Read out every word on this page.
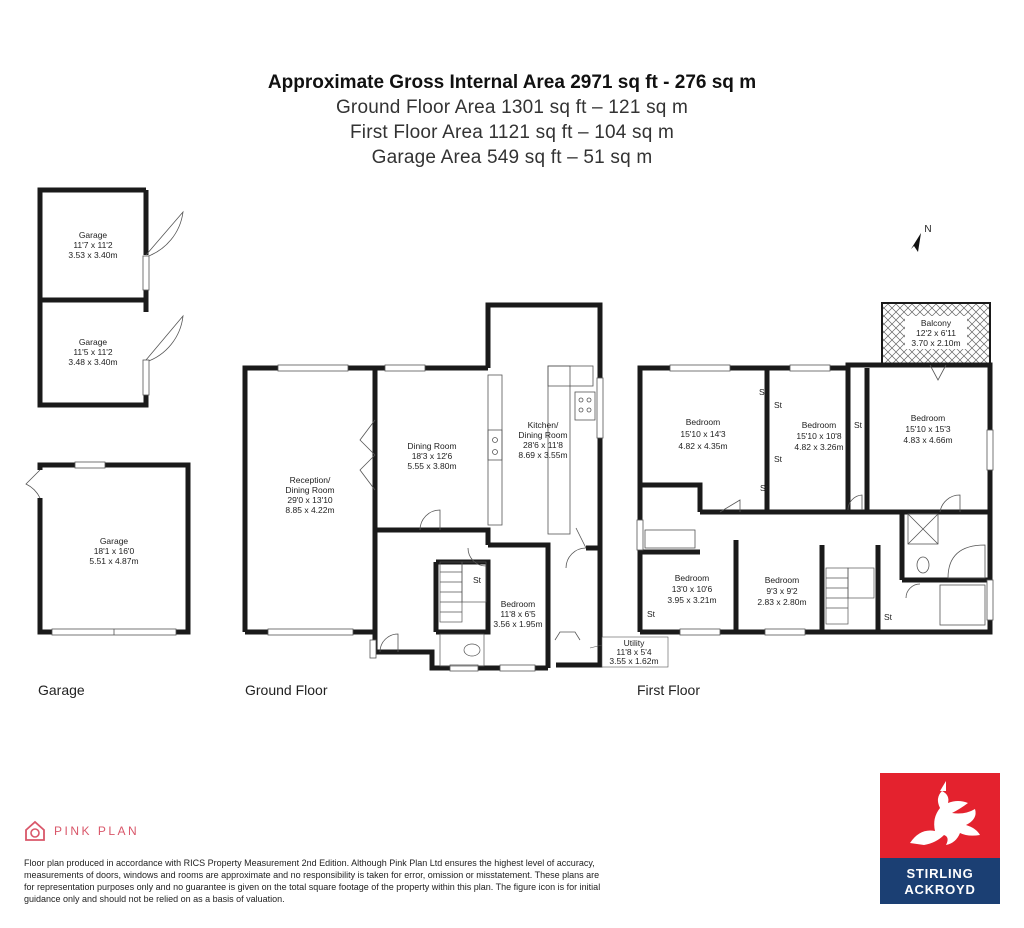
Approximate Gross Internal Area 2971 sq ft - 276 sq m
Ground Floor Area 1301 sq ft – 121 sq m
First Floor Area 1121 sq ft – 104 sq m
Garage Area 549 sq ft – 51 sq m
N
Garage
11'7 x 11'2
3.53 x 3.40m
Garage
11'5 x 11'2
3.48 x 3.40m
Garage
18'1 x 16'0
5.51 x 4.87m
Reception/
Dining Room
29'0 x 13'10
8.85 x 4.22m
Dining Room
18'3 x 12'6
5.55 x 3.80m
Kitchen/
Dining Room
28'6 x 11'8
8.69 x 3.55m
Bedroom
11'8 x 6'5
3.56 x 1.95m
Utility
11'8 x 5'4
3.55 x 1.62m
Bedroom
15'10 x 14'3
4.82 x 4.35m
Bedroom
15'10 x 10'8
4.82 x 3.26m
Bedroom
15'10 x 15'3
4.83 x 4.66m
Balcony
12'2 x 6'11
3.70 x 2.10m
Bedroom
13'0 x 10'6
3.95 x 3.21m
Bedroom
9'3 x 9'2
2.83 x 2.80m
St
St
St
St
St
St
St	St
Garage	Ground Floor	First Floor
PINK PLAN
Floor plan produced in accordance with RICS Property Measurement 2nd Edition. Although Pink Plan Ltd ensures the highest level of accuracy, measurements of doors, windows and rooms are approximate and no responsibility is taken for error, omission or misstatement. These plans are for representation purposes only and no guarantee is given on the total square footage of the property within this plan. The figure icon is for initial guidance only and should not be relied on as a basis of valuation.
STIRLING
ACKROYD
